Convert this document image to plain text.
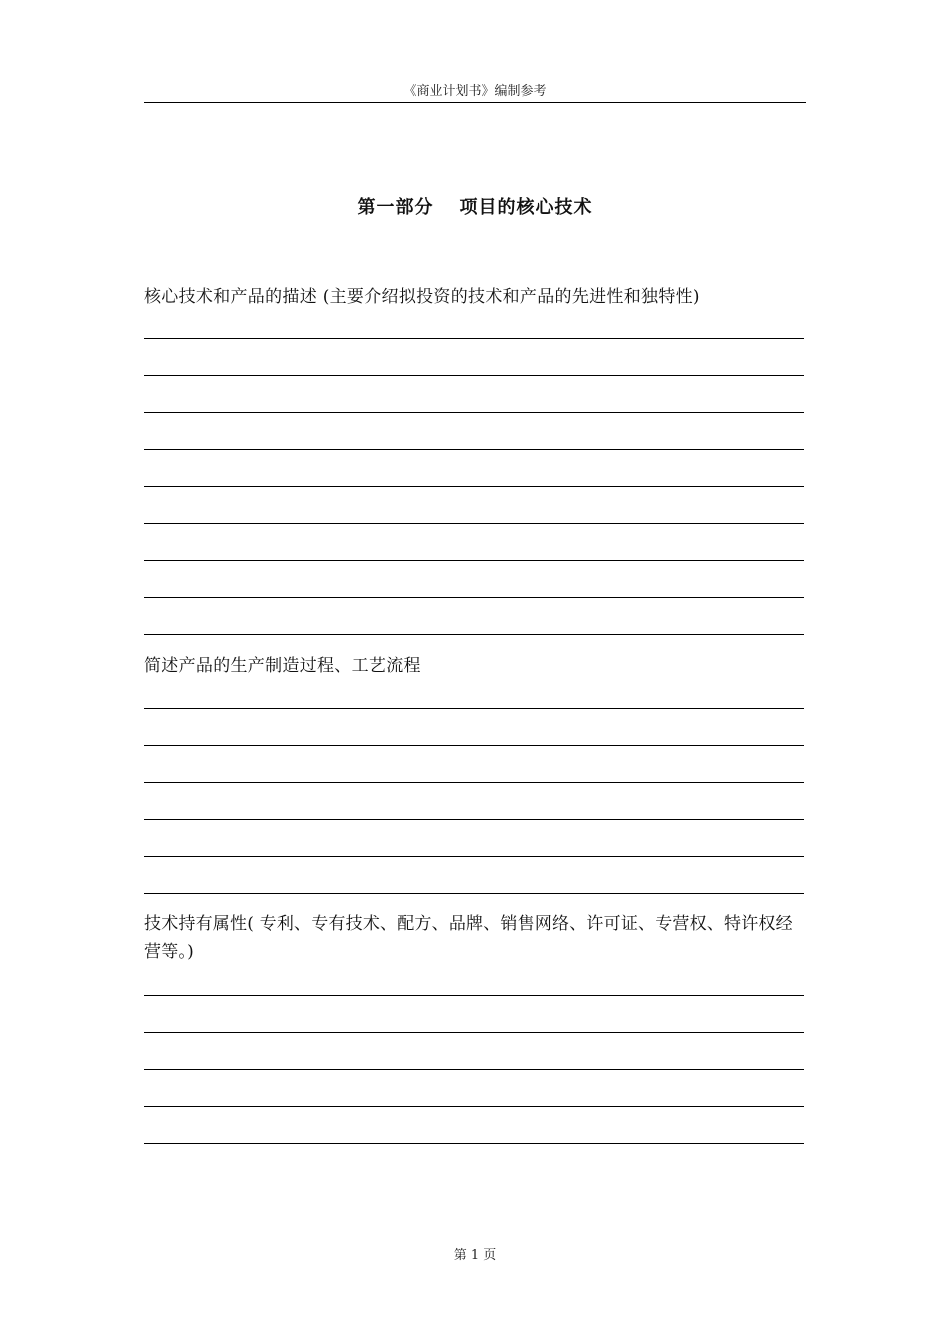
《商业计划书》编制参考
第一部分 项目的核心技术
核心技术和产品的描述 (主要介绍拟投资的技术和产品的先进性和独特性)
简述产品的生产制造过程、工艺流程
技术持有属性( 专利、专有技术、配方、品牌、销售网络、许可证、专营权、特许权经营等。)
第 1 页
